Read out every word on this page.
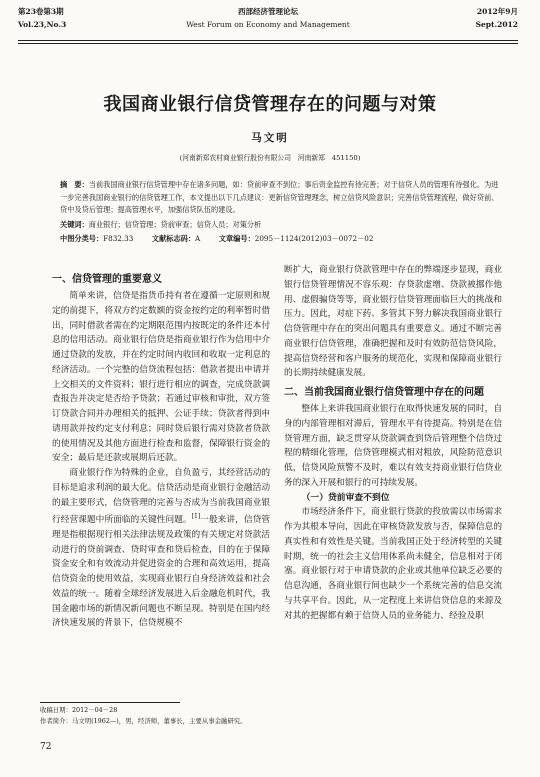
第23卷第3期
Vol.23,No.3
西部经济管理论坛
West Forum on Economy and Management
2012年9月
Sept.2012
我国商业银行信贷管理存在的问题与对策
马文明
(河南新郑农村商业银行股份有限公司　河南新郑　451150)
摘　要：当前我国商业银行信贷管理中存在诸多问题，如：贷前审查不到位；事后资金监控有待完善；对于信贷人员的管理有待强化。为进一步完善我国商业银行的信贷管理工作，本文提出以下几点建议：更新信贷管理理念，树立信贷风险意识；完善信贷管理流程，做好贷前、贷中及贷后管理；提高管理水平，加强信贷队伍的建设。
关键词：商业银行；信贷管理；贷前审查；信贷人员；对策分析
中图分类号：F832.33	文献标志码：A	文章编号：2095－1124(2012)03－0072－02
一、信贷管理的重要意义

简单来讲，信贷是指货币持有者在遵循一定原则和规定的前提下，将双方约定数额的资金按约定的利率暂时借出，同时借款者需在约定期限范围内按既定的条件还本付息的信用活动。商业银行信贷是指商业银行作为信用中介通过贷款的发放，并在约定时间内收回和收取一定利息的经济活动。一个完整的信贷流程包括：借款者提出申请并上交相关的文件资料；银行进行相应的调查，完成贷款调查报告并决定是否给予贷款；若通过审核和审批，双方签订贷款合同并办理相关的抵押、公证手续；贷款者得到申请用款并按约定支付利息；同时贷后银行需对贷款者贷款的使用情况及其他方面进行检查和监督，保障银行资金的安全；最后是还款或展期后还款。

商业银行作为特殊的企业，自负盈亏，其经营活动的目标是追求利润的最大化。信贷活动是商业银行金融活动的最主要形式，信贷管理的完善与否成为当前我国商业银行经营课题中所面临的关键性问题。[1]一般来讲，信贷管理是指根据现行相关法律法规及政策的有关规定对贷款活动进行的贷前调查、贷时审查和贷后检查，目的在于保障资金安全和有效流动并促进资金的合理和高效运用，提高信贷资金的使用效益，实现商业银行自身经济效益和社会效益的统一。随着全球经济发展进入后金融危机时代，我国金融市场的新情况新问题也不断呈现。特别是在国内经济快速发展的背景下，信贷规模不

断扩大，商业银行贷款管理中存在的弊端逐步显现，商业银行信贷管理情况不容乐观：存贷款虚增、贷款被挪作他用、虚假骗贷等等，商业银行信贷管理面临巨大的挑战和压力。因此，对症下药、多管其下努力解决我国商业银行信贷管理中存在的突出问题具有重要意义。通过不断完善商业银行信贷管理，准确把握和及时有效防范信贷风险，提高信贷经营和客户服务的规范化，实现和保障商业银行的长期持续健康发展。

二、当前我国商业银行信贷管理中存在的问题

整体上来讲我国商业银行在取得快速发展的同时，自身的内部管理相对滞后，管理水平有待提高。特别是在信贷管理方面，缺乏贯穿从贷款调查到贷后管理整个信贷过程的精细化管理，信贷管理模式相对粗放，风险防范意识低，信贷风险预警不及时，难以有效支持商业银行信贷业务的深入开展和银行的可持续发展。

（一）贷前审查不到位

市场经济条件下，商业银行贷款的投放需以市场需求作为其根本导向，因此在审核贷款发放与否，保障信息的真实性和有效性是关键。当前我国正处于经济转型的关键时期，统一的社会主义信用体系尚未健全，信息相对于闭塞。商业银行对于申请贷款的企业或其他单位缺乏必要的信息沟通，各商业银行间也缺少一个系统完善的信息交流与共享平台。因此，从一定程度上来讲信贷信息的来源及对其的把握都有赖于信贷人员的业务能力、经验及职

收稿日期：2012－04－28
作者简介：马文明(1962—)，男，经济师，董事长，主要从事金融研究。
72
